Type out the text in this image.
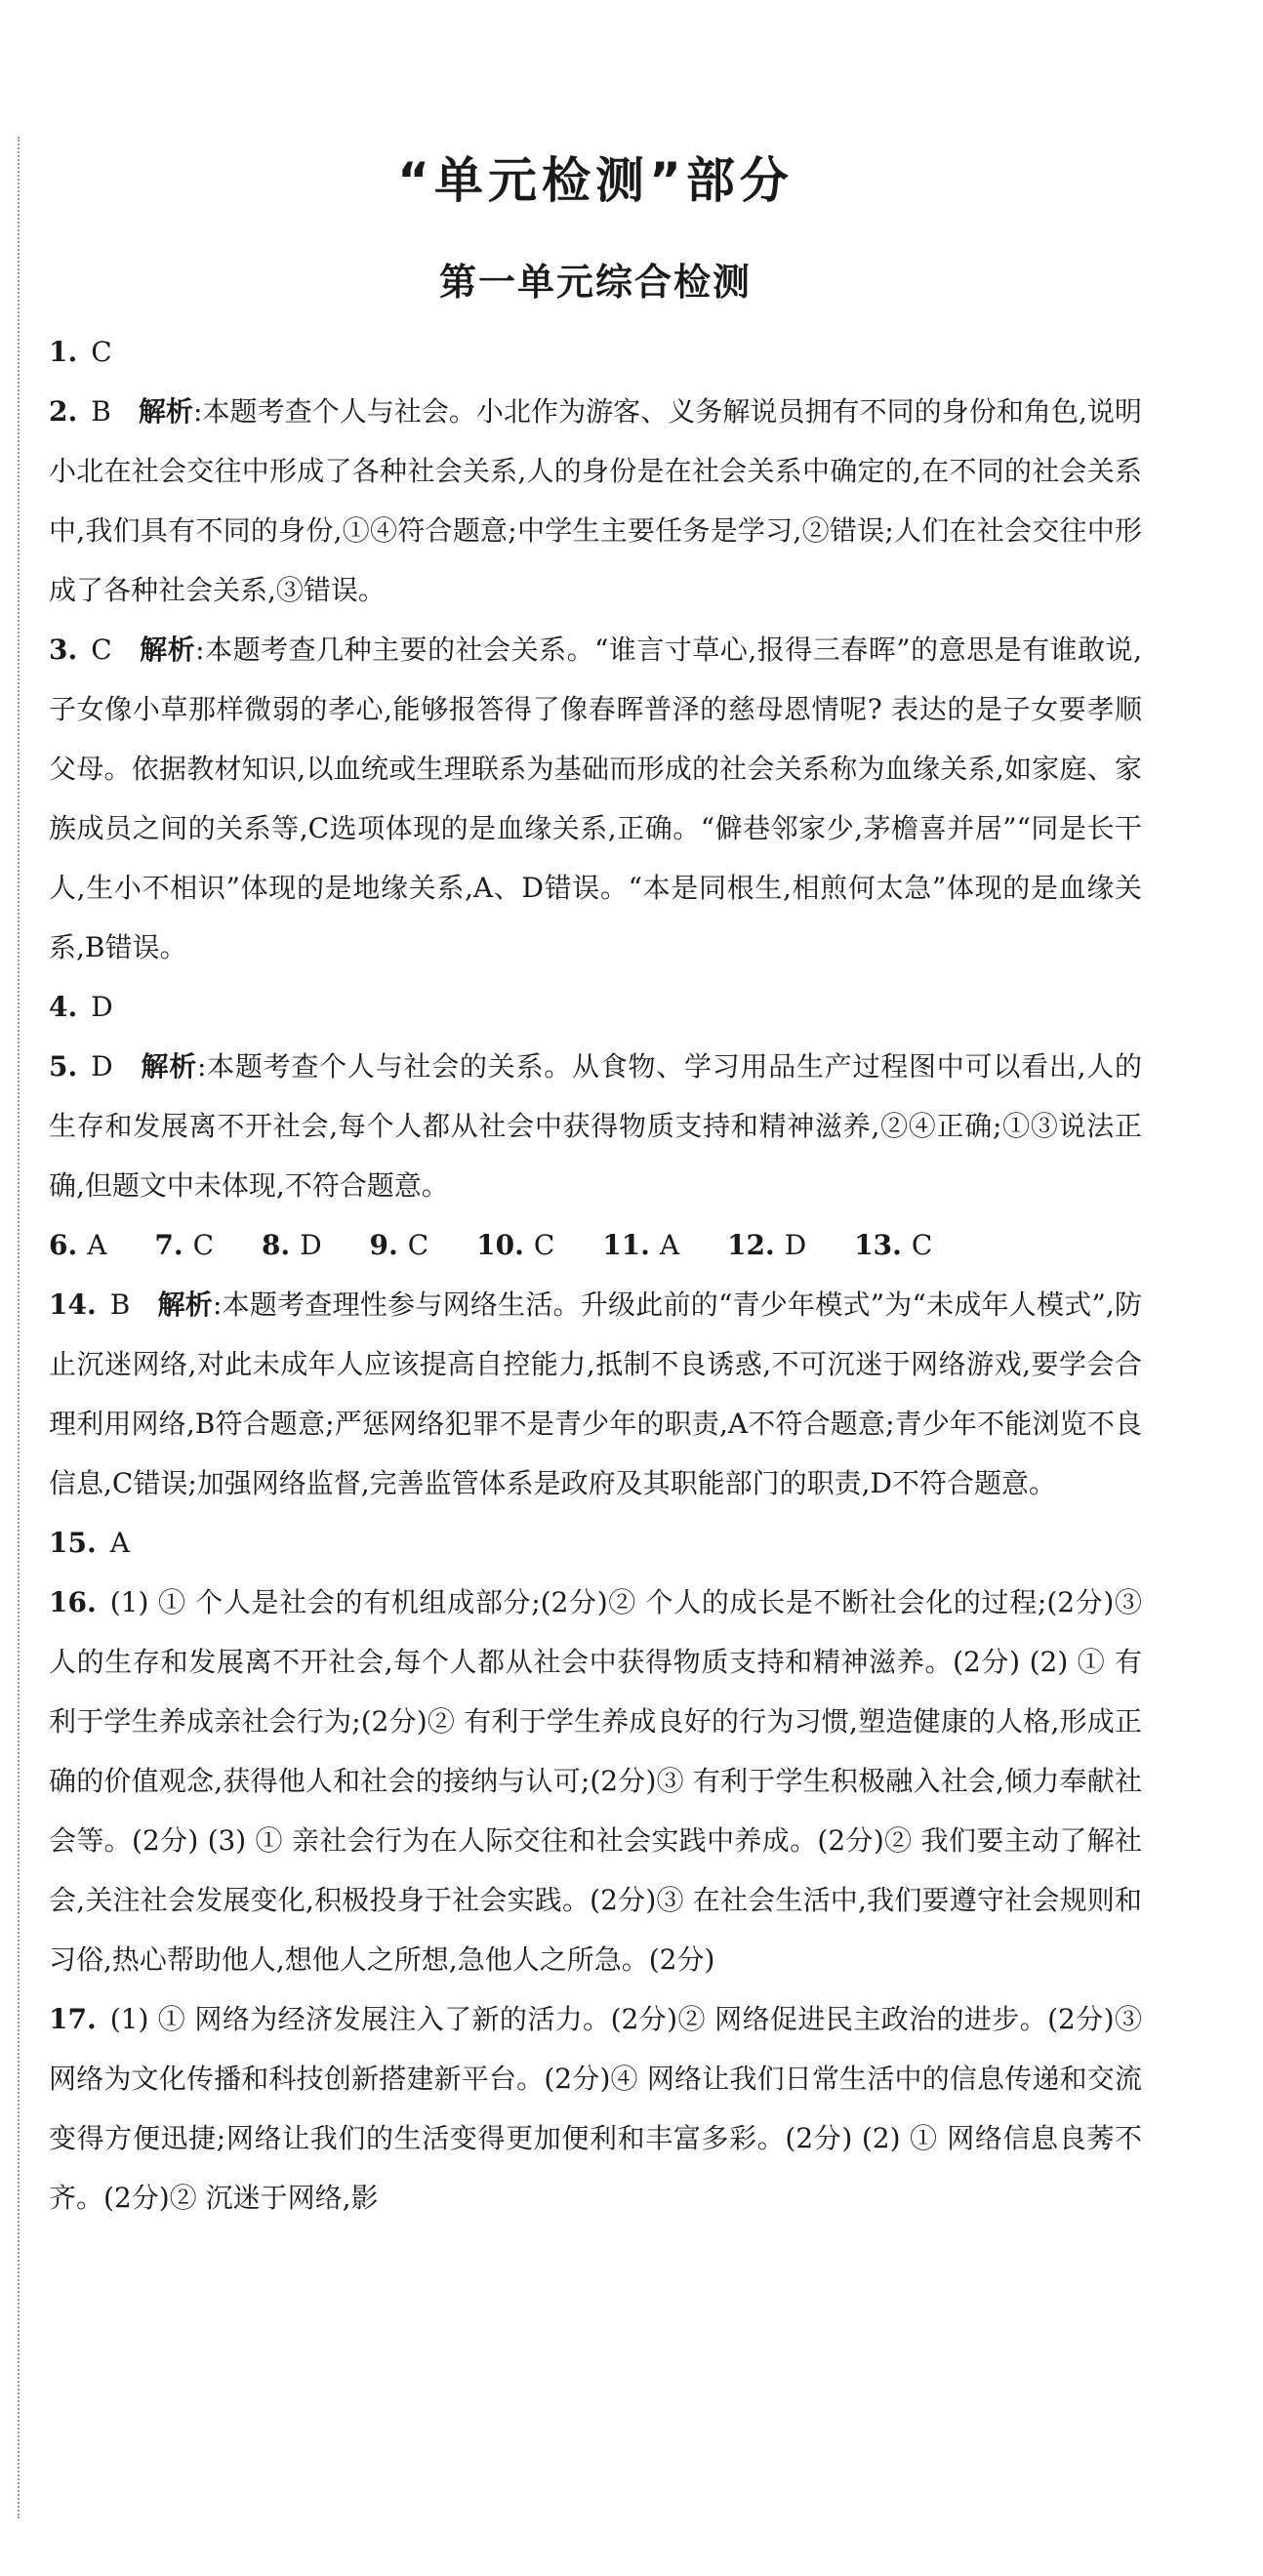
“单元检测”部分
第一单元综合检测

1. C

2. B 解析:本题考查个人与社会。小北作为游客、义务解说员拥有不同的身份和角色,说明小北在社会交往中形成了各种社会关系,人的身份是在社会关系中确定的,在不同的社会关系中,我们具有不同的身份,①④符合题意;中学生主要任务是学习,②错误;人们在社会交往中形成了各种社会关系,③错误。

3. C 解析:本题考查几种主要的社会关系。“谁言寸草心,报得三春晖”的意思是有谁敢说,子女像小草那样微弱的孝心,能够报答得了像春晖普泽的慈母恩情呢? 表达的是子女要孝顺父母。依据教材知识,以血统或生理联系为基础而形成的社会关系称为血缘关系,如家庭、家族成员之间的关系等,C选项体现的是血缘关系,正确。“僻巷邻家少,茅檐喜并居”“同是长干人,生小不相识”体现的是地缘关系,A、D错误。“本是同根生,相煎何太急”体现的是血缘关系,B错误。

4. D

5. D 解析:本题考查个人与社会的关系。从食物、学习用品生产过程图中可以看出,人的生存和发展离不开社会,每个人都从社会中获得物质支持和精神滋养,②④正确;①③说法正确,但题文中未体现,不符合题意。

6. A 7. C 8. D 9. C 10. C 11. A 12. D 13. C

14. B 解析:本题考查理性参与网络生活。升级此前的“青少年模式”为“未成年人模式”,防止沉迷网络,对此未成年人应该提高自控能力,抵制不良诱惑,不可沉迷于网络游戏,要学会合理利用网络,B符合题意;严惩网络犯罪不是青少年的职责,A不符合题意;青少年不能浏览不良信息,C错误;加强网络监督,完善监管体系是政府及其职能部门的职责,D不符合题意。

15. A

16. (1) ① 个人是社会的有机组成部分;(2分)② 个人的成长是不断社会化的过程;(2分)③ 人的生存和发展离不开社会,每个人都从社会中获得物质支持和精神滋养。(2分) (2) ① 有利于学生养成亲社会行为;(2分)② 有利于学生养成良好的行为习惯,塑造健康的人格,形成正确的价值观念,获得他人和社会的接纳与认可;(2分)③ 有利于学生积极融入社会,倾力奉献社会等。(2分) (3) ① 亲社会行为在人际交往和社会实践中养成。(2分)② 我们要主动了解社会,关注社会发展变化,积极投身于社会实践。(2分)③ 在社会生活中,我们要遵守社会规则和习俗,热心帮助他人,想他人之所想,急他人之所急。(2分)

17. (1) ① 网络为经济发展注入了新的活力。(2分)② 网络促进民主政治的进步。(2分)③ 网络为文化传播和科技创新搭建新平台。(2分)④ 网络让我们日常生活中的信息传递和交流变得方便迅捷;网络让我们的生活变得更加便利和丰富多彩。(2分) (2) ① 网络信息良莠不齐。(2分)② 沉迷于网络,影
